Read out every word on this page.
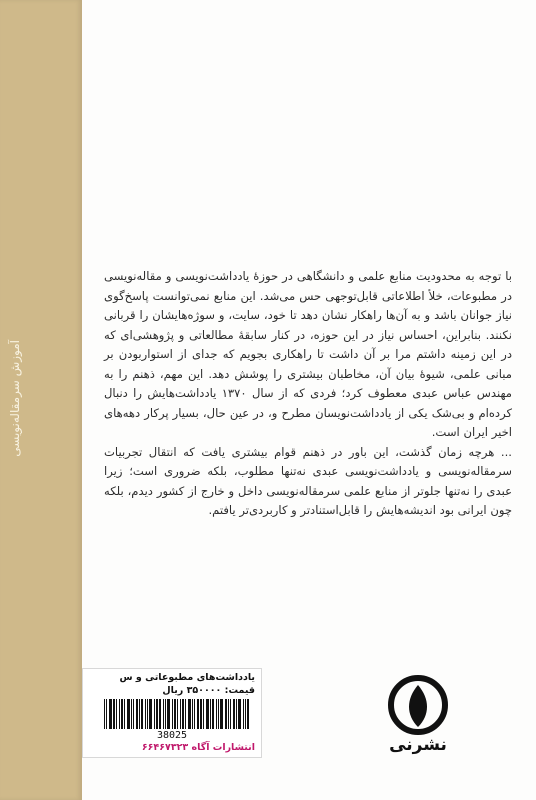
آموزش سرمقاله‌نویسی

با توجه به محدودیت منابع علمی و دانشگاهی در حوزهٔ یادداشت‌نویسی و مقاله‌نویسی در مطبوعات، خلأ اطلاعاتی قابل‌توجهی حس می‌شد. این منابع نمی‌توانست پاسخ‌گوی نیاز جوانان باشد و به آن‌ها راهکار نشان دهد تا خود، سایت، و سوژه‌هایشان را قربانی نکنند. بنابراین، احساس نیاز در این حوزه، در کنار سابقهٔ مطالعاتی و پژوهشی‌ای که در این زمینه داشتم مرا بر آن داشت تا راهکاری بجویم که جدای از استواربودن بر مبانی علمی، شیوهٔ بیان آن، مخاطبان بیشتری را پوشش دهد. این مهم، ذهنم را به مهندس عباس عبدی معطوف کرد؛ فردی که از سال ۱۳۷۰ یادداشت‌هایش را دنبال کرده‌ام و بی‌شک یکی از یادداشت‌نویسان مطرح و، در عین حال، بسیار پرکار دهه‌های اخیر ایران است.

... هرچه زمان گذشت، این باور در ذهنم قوام بیشتری یافت که انتقال تجربیات سرمقاله‌نویسی و یادداشت‌نویسی عبدی نه‌تنها مطلوب، بلکه ضروری است؛ زیرا عبدی را نه‌تنها جلوتر از منابع علمی سرمقاله‌نویسی داخل و خارج از کشور دیدم، بلکه چون ایرانی بود اندیشه‌هایش را قابل‌استنادتر و کاربردی‌تر یافتم.

یادداشت‌های مطبوعاتی و س
قیمت: ۳۵۰۰۰۰ ریال
38025
انتشارات آگاه ۶۶۴۶۷۳۲۳	نشرنی
